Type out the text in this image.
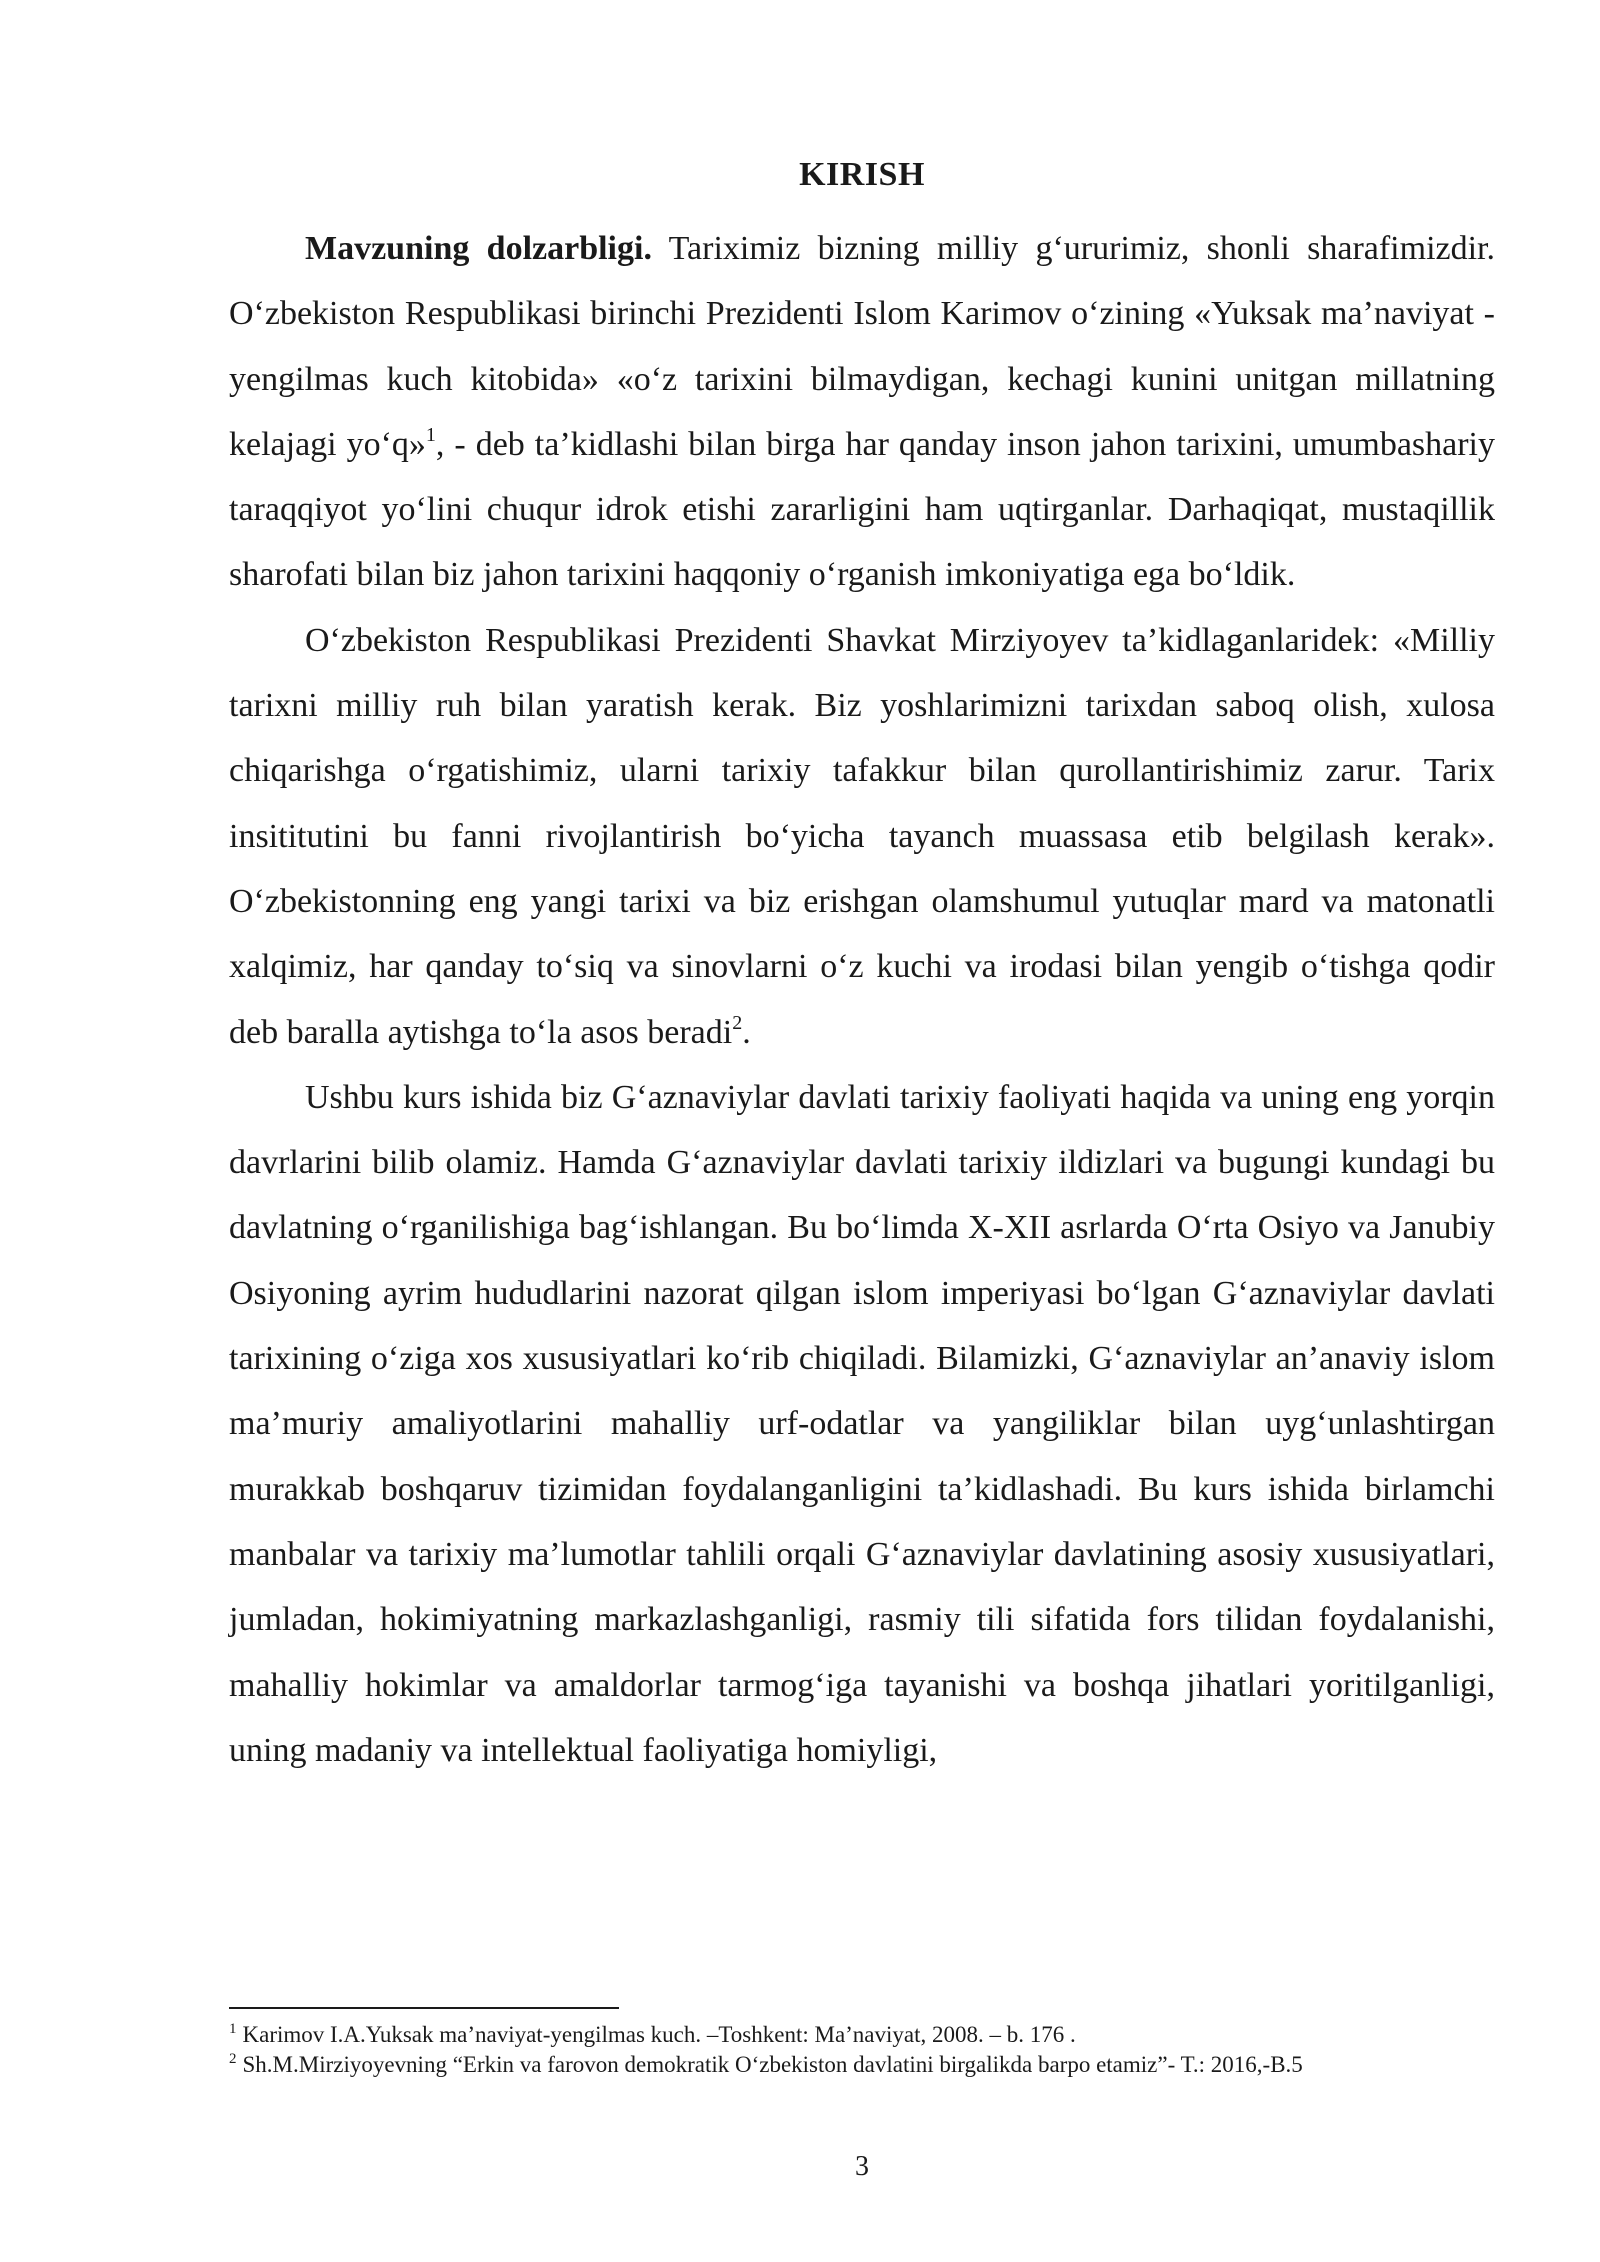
KIRISH

Mavzuning dolzarbligi. Tariximiz bizning milliy g‘ururimiz, shonli sharafimizdir. O‘zbekiston Respublikasi birinchi Prezidenti Islom Karimov o‘zining «Yuksak ma’naviyat - yengilmas kuch kitobida» «o‘z tarixini bilmaydigan, kechagi kunini unitgan millatning kelajagi yo‘q»$^1$, - deb ta’kidlashi bilan birga har qanday inson jahon tarixini, umumbashariy taraqqiyot yo‘lini chuqur idrok etishi zararligini ham uqtirganlar. Darhaqiqat, mustaqillik sharofati bilan biz jahon tarixini haqqoniy o‘rganish imkoniyatiga ega bo‘ldik.

O‘zbekiston Respublikasi Prezidenti Shavkat Mirziyoyev ta’kidlaganlaridek: «Milliy tarixni milliy ruh bilan yaratish kerak. Biz yoshlarimizni tarixdan saboq olish, xulosa chiqarishga o‘rgatishimiz, ularni tarixiy tafakkur bilan qurollantirishimiz zarur. Tarix insititutini bu fanni rivojlantirish bo‘yicha tayanch muassasa etib belgilash kerak». O‘zbekistonning eng yangi tarixi va biz erishgan olamshumul yutuqlar mard va matonatli xalqimiz, har qanday to‘siq va sinovlarni o‘z kuchi va irodasi bilan yengib o‘tishga qodir deb baralla aytishga to‘la asos beradi$^2$.

Ushbu kurs ishida biz G‘aznaviylar davlati tarixiy faoliyati haqida va uning eng yorqin davrlarini bilib olamiz. Hamda G‘aznaviylar davlati tarixiy ildizlari va bugungi kundagi bu davlatning o‘rganilishiga bag‘ishlangan. Bu bo‘limda X-XII asrlarda O‘rta Osiyo va Janubiy Osiyoning ayrim hududlarini nazorat qilgan islom imperiyasi bo‘lgan G‘aznaviylar davlati tarixining o‘ziga xos xususiyatlari ko‘rib chiqiladi. Bilamizki, G‘aznaviylar an’anaviy islom ma’muriy amaliyotlarini mahalliy urf-odatlar va yangiliklar bilan uyg‘unlashtirgan murakkab boshqaruv tizimidan foydalanganligini ta’kidlashadi. Bu kurs ishida birlamchi manbalar va tarixiy ma’lumotlar tahlili orqali G‘aznaviylar davlatining asosiy xususiyatlari, jumladan, hokimiyatning markazlashganligi, rasmiy tili sifatida fors tilidan foydalanishi, mahalliy hokimlar va amaldorlar tarmog‘iga tayanishi va boshqa jihatlari yoritilganligi, uning madaniy va intellektual faoliyatiga homiyligi,

$^1$ Karimov I.A.Yuksak ma’naviyat-yengilmas kuch. –Toshkent: Ma’naviyat, 2008. – b. 176 .

$^2$ Sh.M.Mirziyoyevning “Erkin va farovon demokratik O‘zbekiston davlatini birgalikda barpo etamiz”- T.: 2016,-B.5

3
